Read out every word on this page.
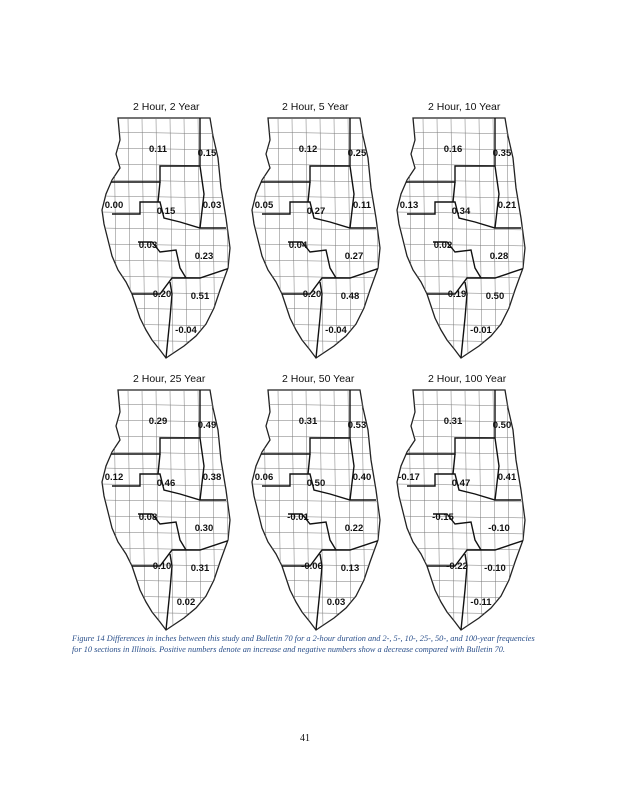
2 Hour, 2 Year	2 Hour, 5 Year	2 Hour, 10 Year
2 Hour, 25 Year	2 Hour, 50 Year	2 Hour, 100 Year
0.11	0.15
0.00
0.15
0.03
0.03
0.23
0.20 0.51
-0.04
0.12	0.25
0.05
0.27
0.11
0.04
0.27
0.20 0.48
-0.04
0.16	0.35
0.13
0.34
0.21
0.02
0.28
0.19 0.50
-0.01
0.29	0.49
0.12
0.46
0.38
0.08
0.30
0.10 0.31
0.02
0.31	0.53
0.06
0.50
0.40
-0.01
0.22
-0.06 0.13
0.03
0.31	0.50
-0.17
0.47
0.41
-0.15
-0.10
-0.22 -0.10
-0.11
Figure 14 Differences in inches between this study and Bulletin 70 for a 2-hour duration and 2-, 5-, 10-, 25-, 50-, and 100-year frequencies for 10 sections in Illinois. Positive numbers denote an increase and negative numbers show a decrease compared with Bulletin 70.
41
